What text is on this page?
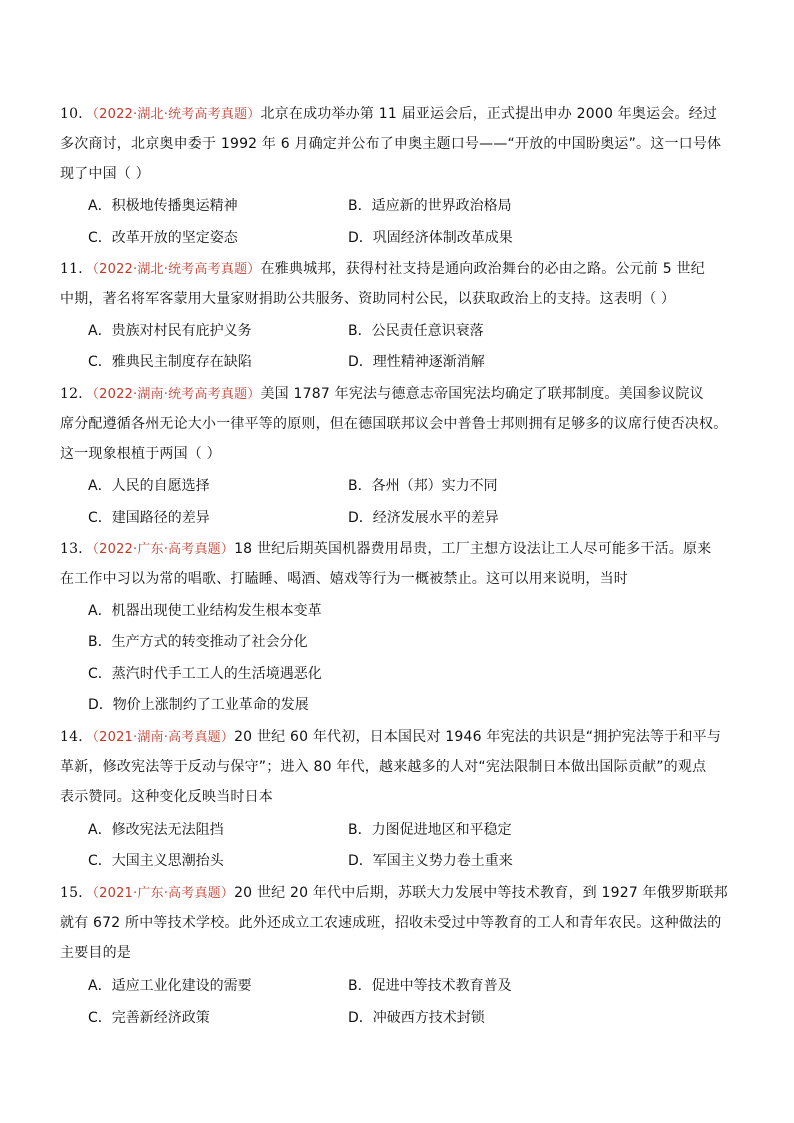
10．（2022·湖北·统考高考真题）北京在成功举办第 11 届亚运会后，正式提出申办 2000 年奥运会。经过
多次商讨，北京奥申委于 1992 年 6 月确定并公布了申奥主题口号——“开放的中国盼奥运”。这一口号体
现了中国（ ）
A．积极地传播奥运精神	B．适应新的世界政治格局
C．改革开放的坚定姿态	D．巩固经济体制改革成果
11．（2022·湖北·统考高考真题）在雅典城邦，获得村社支持是通向政治舞台的必由之路。公元前 5 世纪
中期，著名将军客蒙用大量家财捐助公共服务、资助同村公民，以获取政治上的支持。这表明（ ）
A．贵族对村民有庇护义务	B．公民责任意识衰落
C．雅典民主制度存在缺陷	D．理性精神逐渐消解
12．（2022·湖南·统考高考真题）美国 1787 年宪法与德意志帝国宪法均确定了联邦制度。美国参议院议
席分配遵循各州无论大小一律平等的原则，但在德国联邦议会中普鲁士邦则拥有足够多的议席行使否决权。
这一现象根植于两国（ ）
A．人民的自愿选择	B．各州（邦）实力不同
C．建国路径的差异	D．经济发展水平的差异
13．（2022·广东·高考真题）18 世纪后期英国机器费用昂贵，工厂主想方设法让工人尽可能多干活。原来
在工作中习以为常的唱歌、打瞌睡、喝酒、嬉戏等行为一概被禁止。这可以用来说明，当时
A．机器出现使工业结构发生根本变革
B．生产方式的转变推动了社会分化
C．蒸汽时代手工工人的生活境遇恶化
D．物价上涨制约了工业革命的发展
14．（2021·湖南·高考真题）20 世纪 60 年代初，日本国民对 1946 年宪法的共识是“拥护宪法等于和平与
革新，修改宪法等于反动与保守”；进入 80 年代，越来越多的人对“宪法限制日本做出国际贡献”的观点
表示赞同。这种变化反映当时日本
A．修改宪法无法阻挡	B．力图促进地区和平稳定
C．大国主义思潮抬头	D．军国主义势力卷土重来
15．（2021·广东·高考真题）20 世纪 20 年代中后期，苏联大力发展中等技术教育，到 1927 年俄罗斯联邦
就有 672 所中等技术学校。此外还成立工农速成班，招收未受过中等教育的工人和青年农民。这种做法的
主要目的是
A．适应工业化建设的需要	B．促进中等技术教育普及
C．完善新经济政策	D．冲破西方技术封锁
